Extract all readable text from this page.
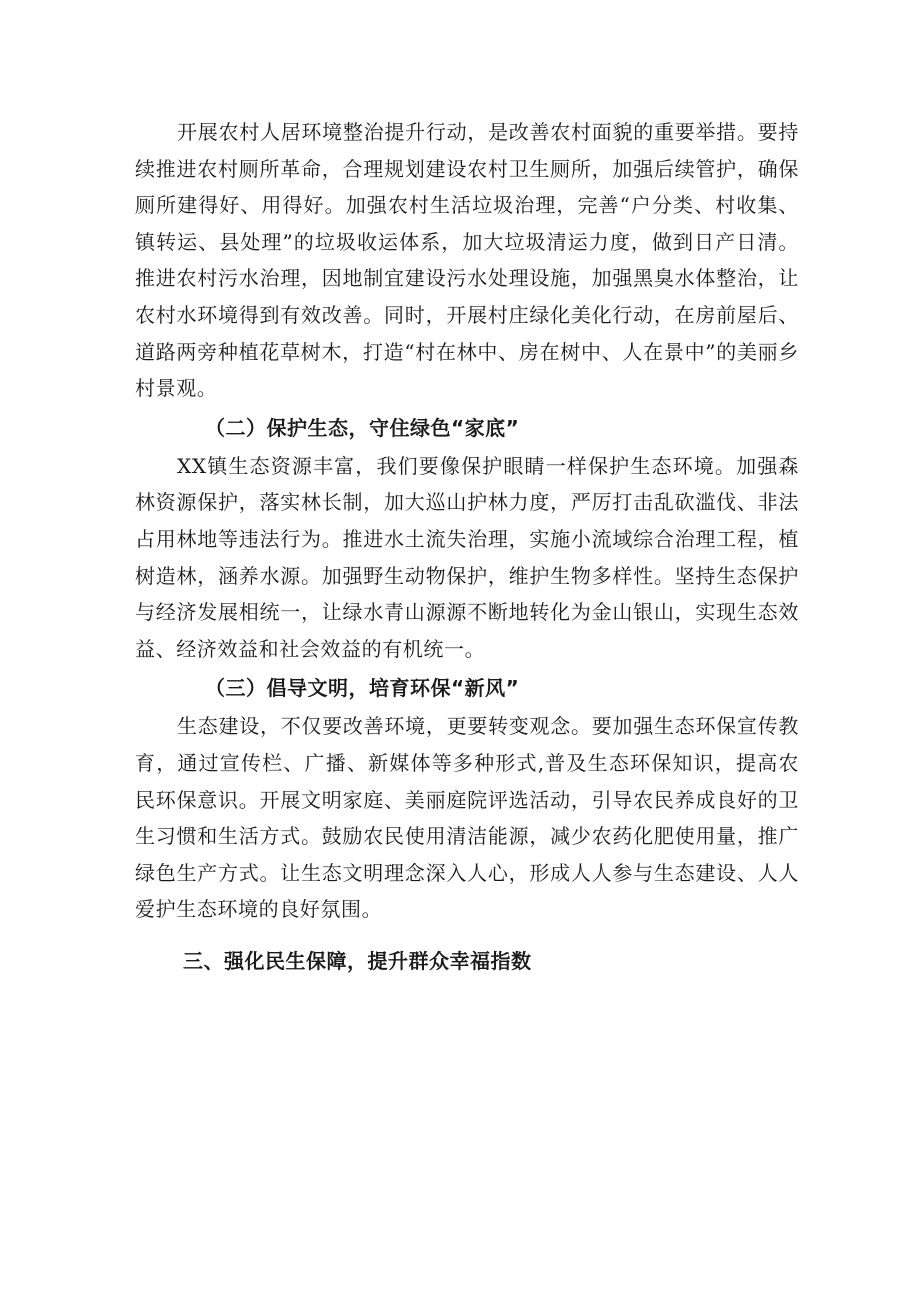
开展农村人居环境整治提升行动，是改善农村面貌的重要举措。要持续推进农村厕所革命，合理规划建设农村卫生厕所，加强后续管护，确保厕所建得好、用得好。加强农村生活垃圾治理，完善“户分类、村收集、镇转运、县处理”的垃圾收运体系，加大垃圾清运力度，做到日产日清。推进农村污水治理，因地制宜建设污水处理设施，加强黑臭水体整治，让农村水环境得到有效改善。同时，开展村庄绿化美化行动，在房前屋后、道路两旁种植花草树木，打造“村在林中、房在树中、人在景中”的美丽乡村景观。

（二）保护生态，守住绿色“家底”

XX镇生态资源丰富，我们要像保护眼睛一样保护生态环境。加强森林资源保护，落实林长制，加大巡山护林力度，严厉打击乱砍滥伐、非法占用林地等违法行为。推进水土流失治理，实施小流域综合治理工程，植树造林，涵养水源。加强野生动物保护，维护生物多样性。坚持生态保护与经济发展相统一，让绿水青山源源不断地转化为金山银山，实现生态效益、经济效益和社会效益的有机统一。

（三）倡导文明，培育环保“新风”

生态建设，不仅要改善环境，更要转变观念。要加强生态环保宣传教育，通过宣传栏、广播、新媒体等多种形式,普及生态环保知识，提高农民环保意识。开展文明家庭、美丽庭院评选活动，引导农民养成良好的卫生习惯和生活方式。鼓励农民使用清洁能源，减少农药化肥使用量，推广绿色生产方式。让生态文明理念深入人心，形成人人参与生态建设、人人爱护生态环境的良好氛围。

三、强化民生保障，提升群众幸福指数
